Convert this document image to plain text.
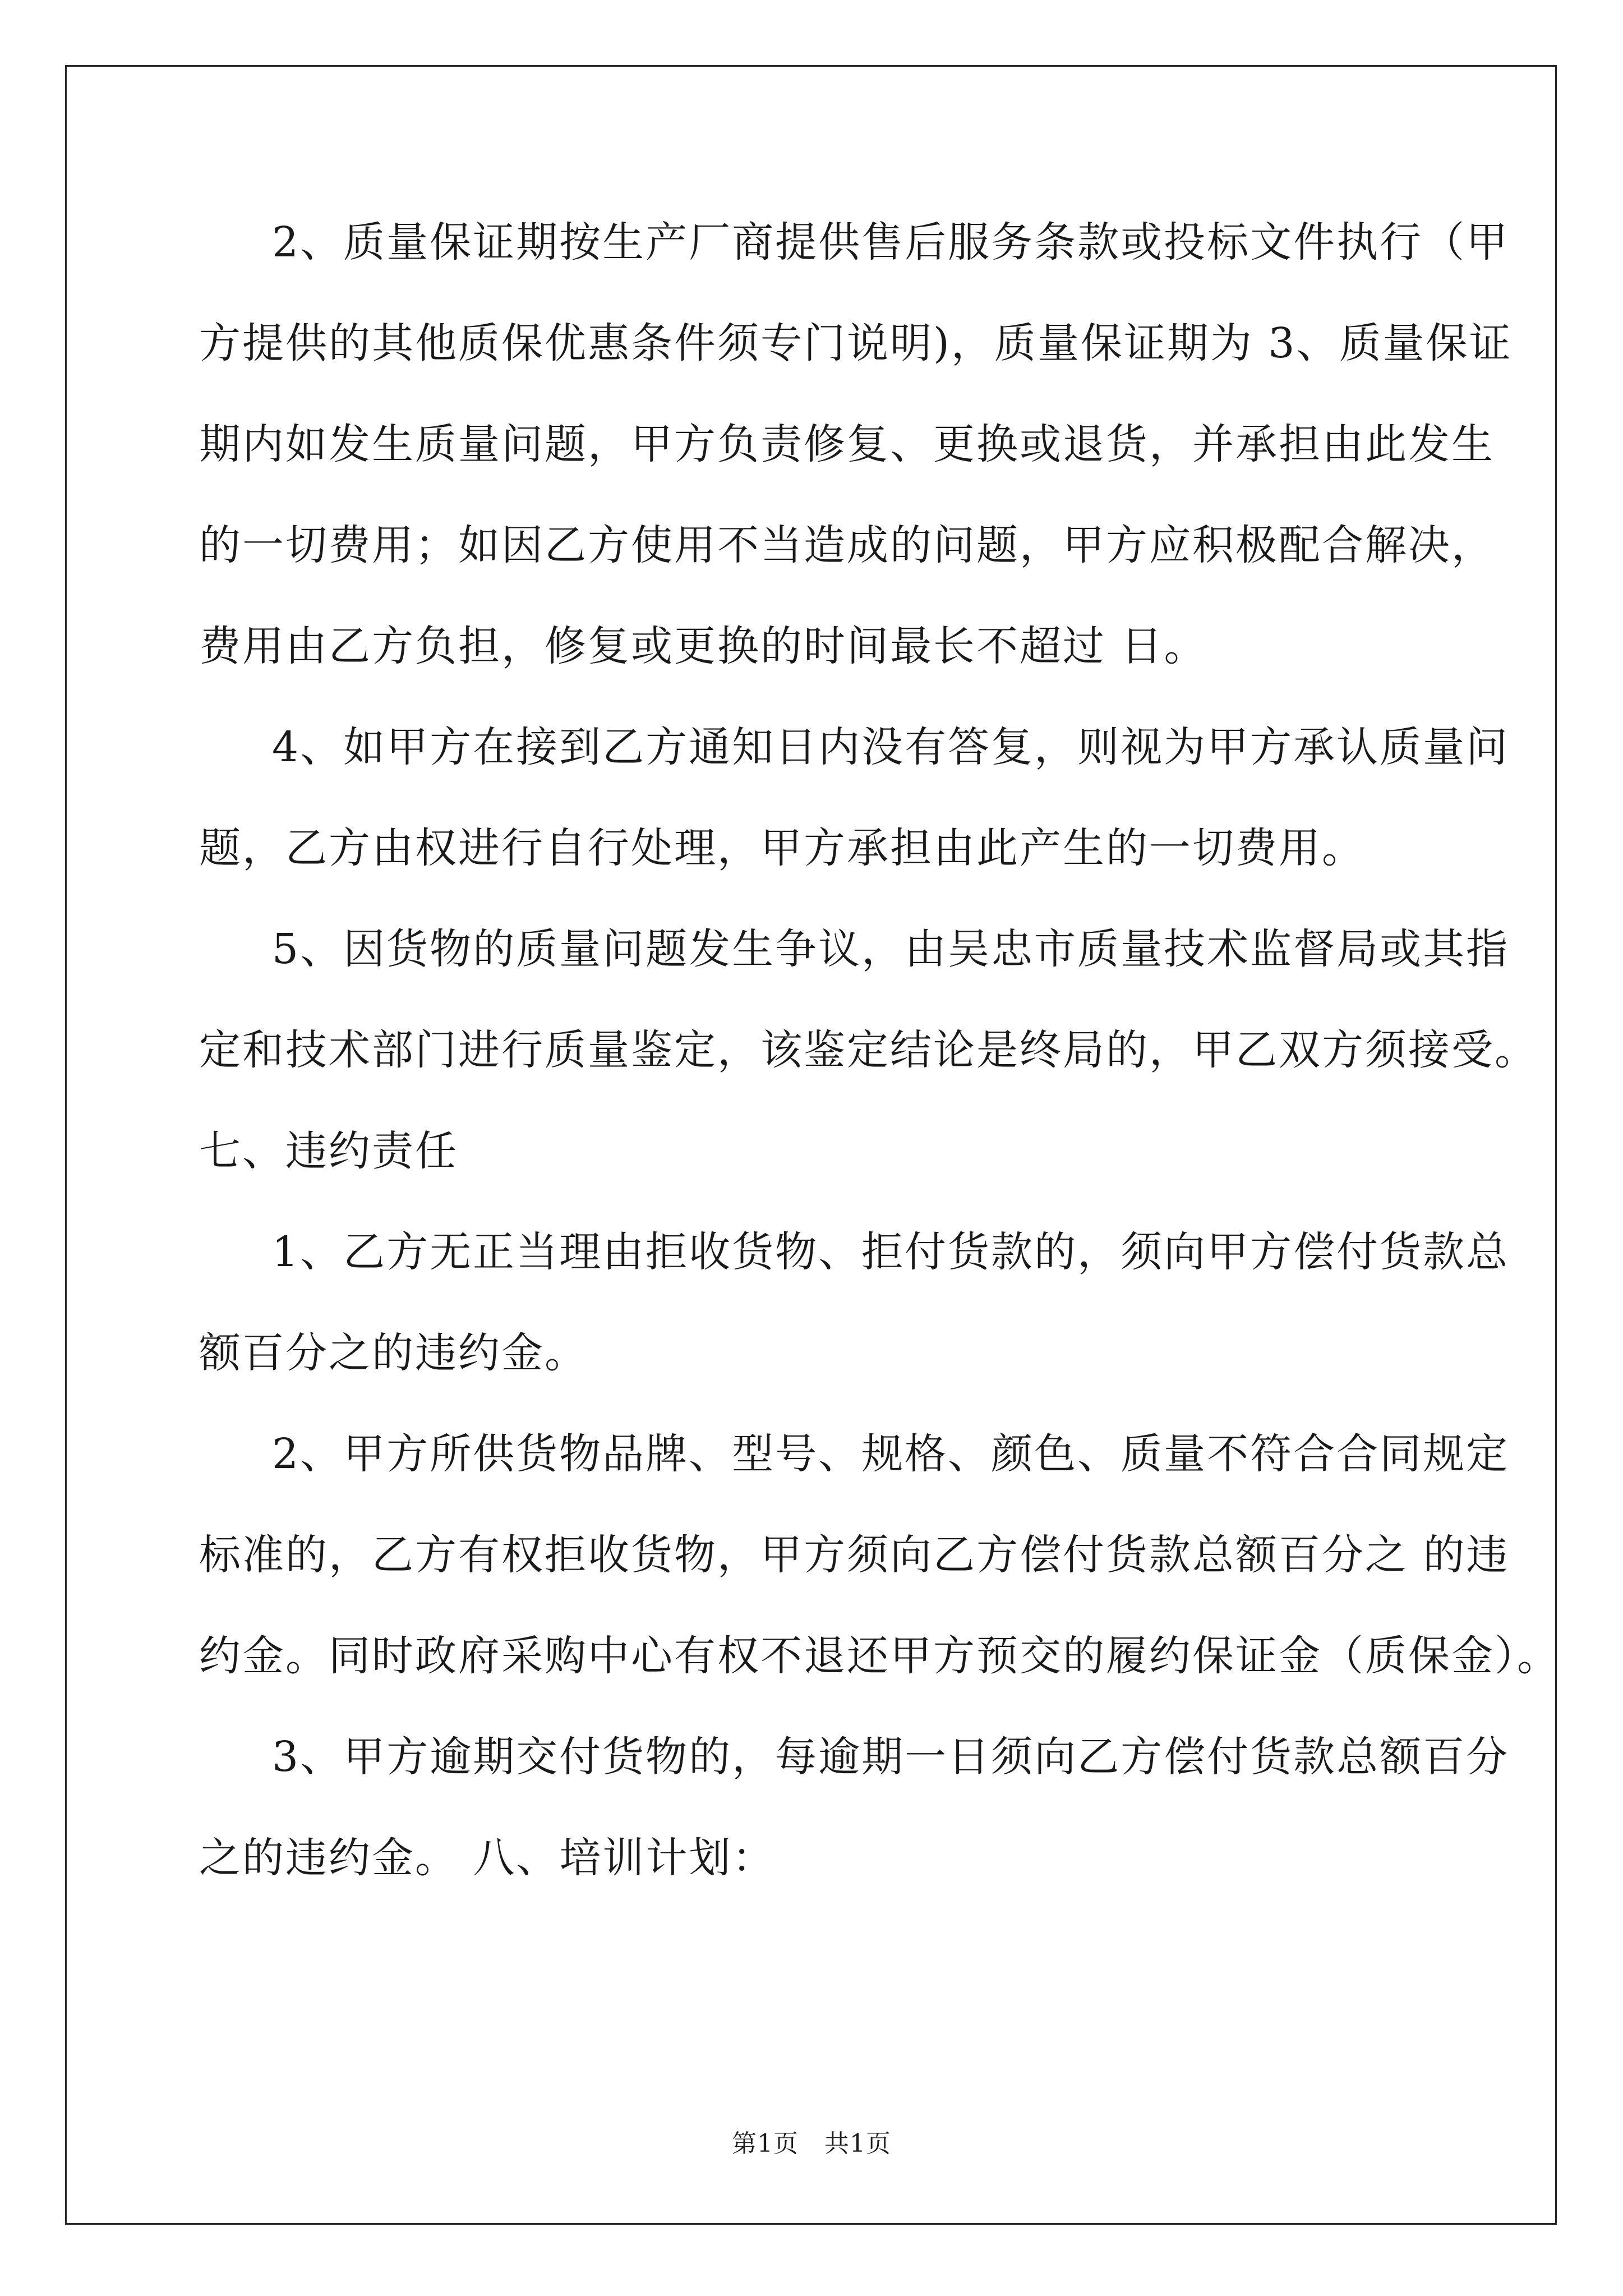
2、质量保证期按生产厂商提供售后服务条款或投标文件执行（甲
方提供的其他质保优惠条件须专门说明)，质量保证期为 3、质量保证
期内如发生质量问题，甲方负责修复、更换或退货，并承担由此发生
的一切费用；如因乙方使用不当造成的问题，甲方应积极配合解决，
费用由乙方负担，修复或更换的时间最长不超过 日。
4、如甲方在接到乙方通知日内没有答复，则视为甲方承认质量问
题，乙方由权进行自行处理，甲方承担由此产生的一切费用。
5、因货物的质量问题发生争议，由吴忠市质量技术监督局或其指
定和技术部门进行质量鉴定，该鉴定结论是终局的，甲乙双方须接受。
七、违约责任
1、乙方无正当理由拒收货物、拒付货款的，须向甲方偿付货款总
额百分之的违约金。
2、甲方所供货物品牌、型号、规格、颜色、质量不符合合同规定
标准的，乙方有权拒收货物，甲方须向乙方偿付货款总额百分之 的违
约金。同时政府采购中心有权不退还甲方预交的履约保证金（质保金）。
3、甲方逾期交付货物的，每逾期一日须向乙方偿付货款总额百分
之的违约金。 八、培训计划：
第1页 共1页
